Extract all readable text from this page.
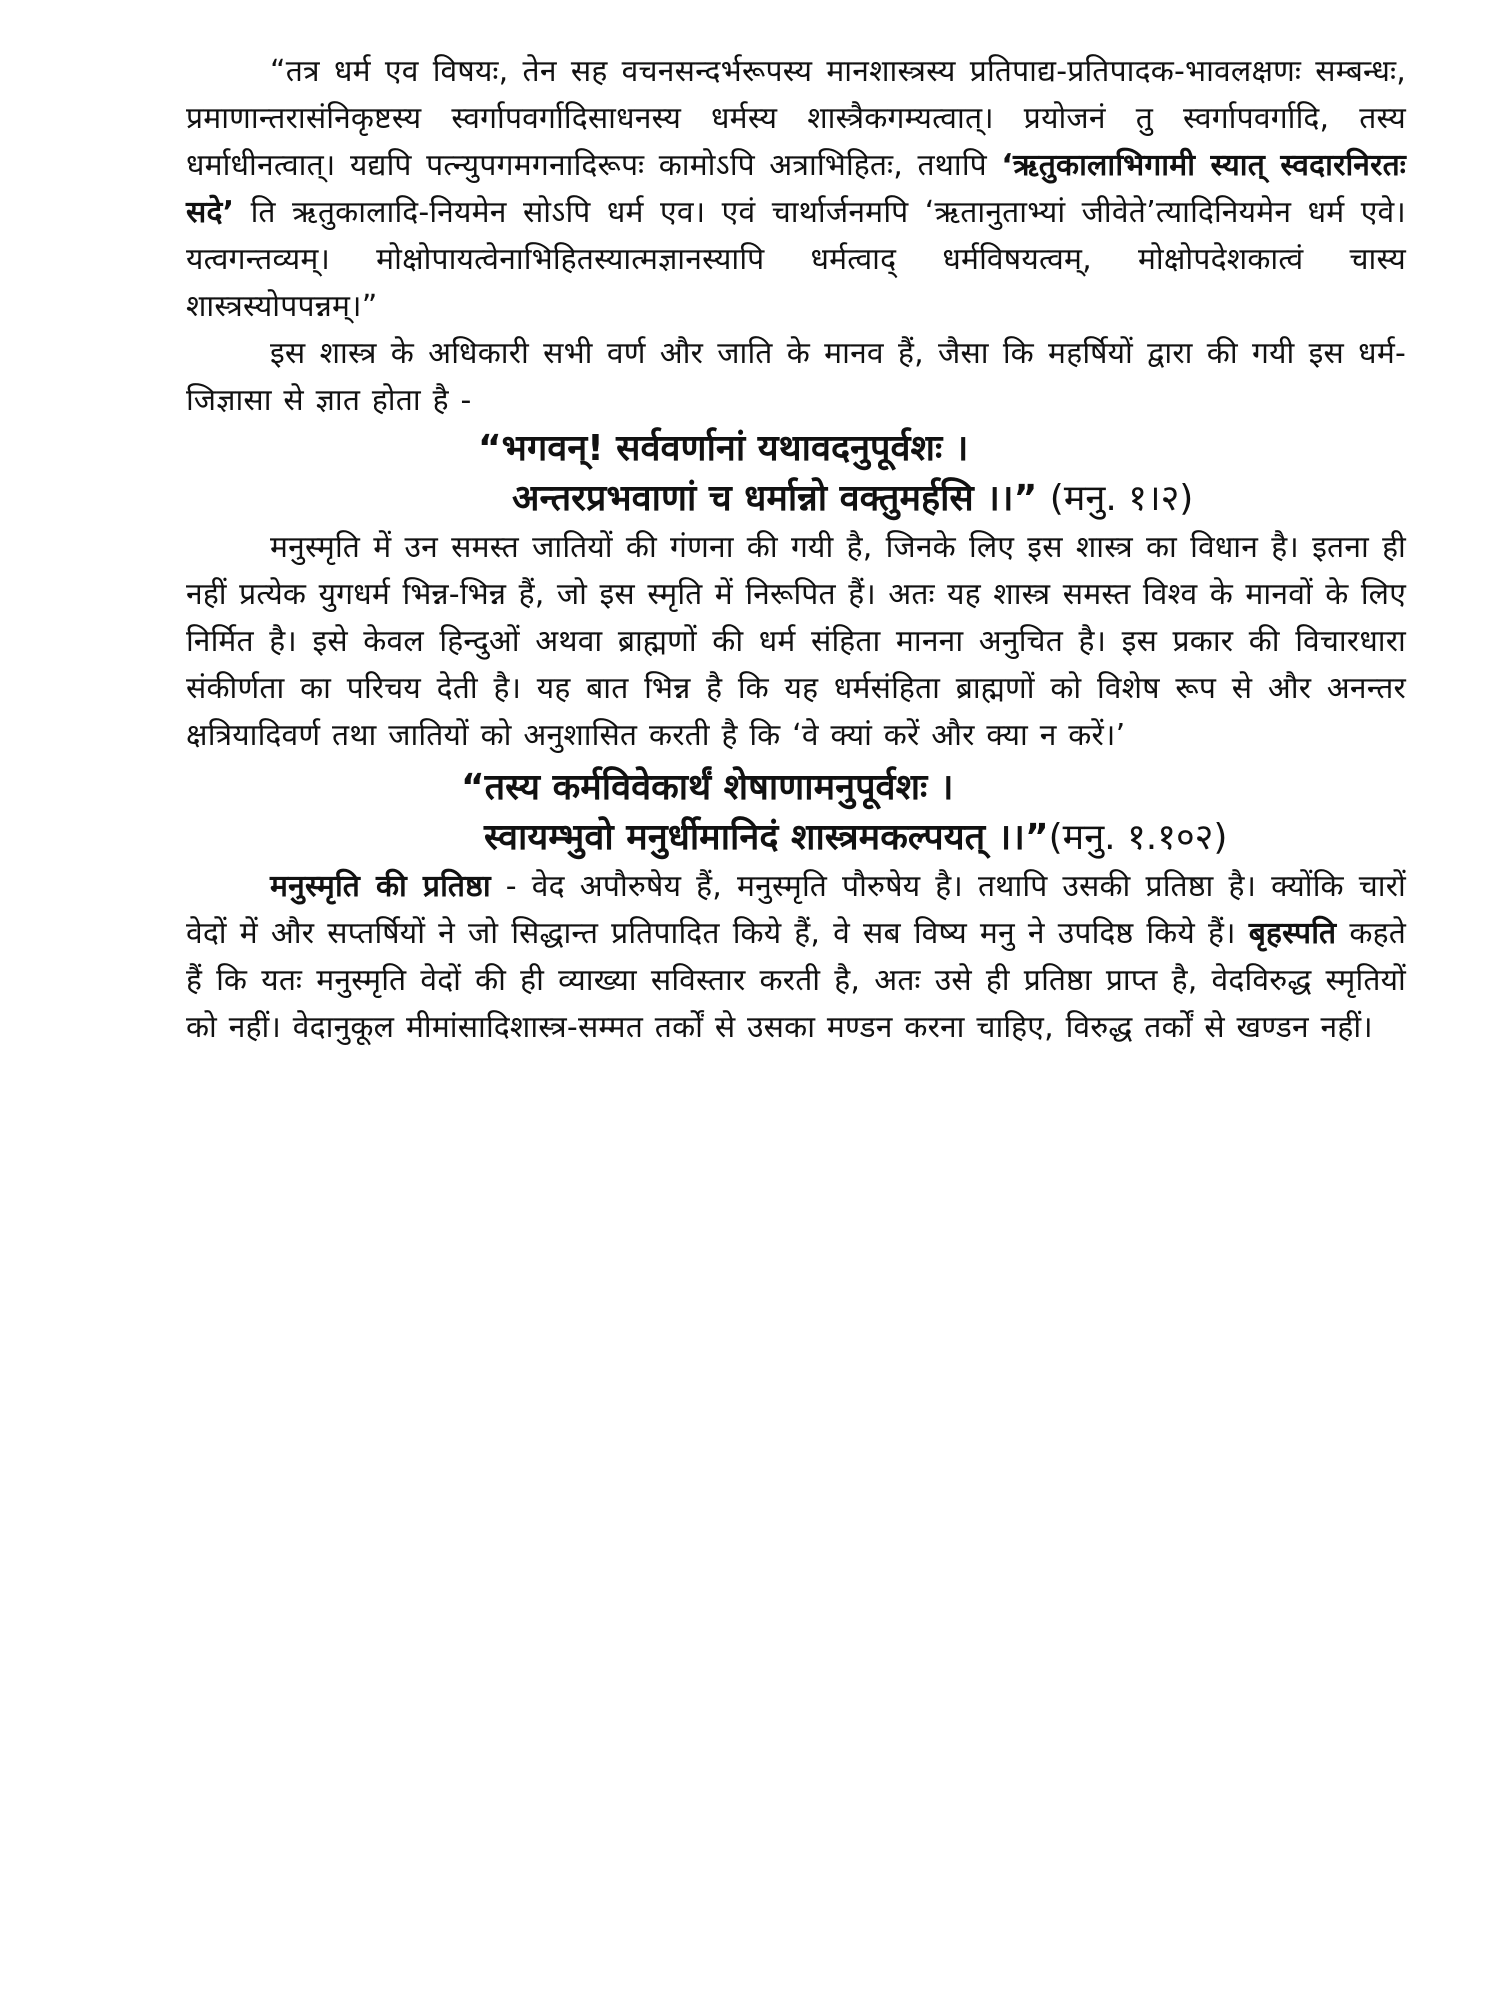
“तत्र धर्म एव विषयः, तेन सह वचनसन्दर्भरूपस्य मानशास्त्रस्य प्रतिपाद्य-प्रतिपादक-भावलक्षणः सम्बन्धः, प्रमाणान्तरासंनिकृष्टस्य स्वर्गापवर्गादिसाधनस्य धर्मस्य शास्त्रैकगम्यत्वात्। प्रयोजनं तु स्वर्गापवर्गादि, तस्य धर्माधीनत्वात्। यद्यपि पत्न्युपगमगनादिरूपः कामोऽपि अत्राभिहितः, तथापि ‘ऋतुकालाभिगामी स्यात् स्वदारनिरतः सदे’ ति ऋतुकालादि-नियमेन सोऽपि धर्म एव। एवं चार्थार्जनमपि ‘ऋतानुताभ्यां जीवेते’त्यादिनियमेन धर्म एवे। यत्वगन्तव्यम्। मोक्षोपायत्वेनाभिहितस्यात्मज्ञानस्यापि धर्मत्वाद् धर्मविषयत्वम्, मोक्षोपदेशकात्वं चास्य शास्त्रस्योपपन्नम्।”

इस शास्त्र के अधिकारी सभी वर्ण और जाति के मानव हैं, जैसा कि महर्षियों द्वारा की गयी इस धर्म-जिज्ञासा से ज्ञात होता है -

“भगवन्! सर्ववर्णानां यथावदनुपूर्वशः ।
अन्तरप्रभवाणां च धर्मान्नो वक्तुमर्हसि ।।” (मनु. १।२)

मनुस्मृति में उन समस्त जातियों की गंणना की गयी है, जिनके लिए इस शास्त्र का विधान है। इतना ही नहीं प्रत्येक युगधर्म भिन्न-भिन्न हैं, जो इस स्मृति में निरूपित हैं। अतः यह शास्त्र समस्त विश्व के मानवों के लिए निर्मित है। इसे केवल हिन्दुओं अथवा ब्राह्मणों की धर्म संहिता मानना अनुचित है। इस प्रकार की विचारधारा संकीर्णता का परिचय देती है। यह बात भिन्न है कि यह धर्मसंहिता ब्राह्मणों को विशेष रूप से और अनन्तर क्षत्रियादिवर्ण तथा जातियों को अनुशासित करती है कि ‘वे क्यां करें और क्या न करें।’

“तस्य कर्मविवेकार्थं शेषाणामनुपूर्वशः ।
स्वायम्भुवो मनुर्धीमानिदं शास्त्रमकल्पयत् ।।”(मनु. १.१०२)

मनुस्मृति की प्रतिष्ठा - वेद अपौरुषेय हैं, मनुस्मृति पौरुषेय है। तथापि उसकी प्रतिष्ठा है। क्योंकि चारों वेदों में और सप्तर्षियों ने जो सिद्धान्त प्रतिपादित किये हैं, वे सब विष्य मनु ने उपदिष्ठ किये हैं। बृहस्पति कहते हैं कि यतः मनुस्मृति वेदों की ही व्याख्या सविस्तार करती है, अतः उसे ही प्रतिष्ठा प्राप्त है, वेदविरुद्ध स्मृतियों को नहीं। वेदानुकूल मीमांसादिशास्त्र-सम्मत तर्कों से उसका मण्डन करना चाहिए, विरुद्ध तर्कों से खण्डन नहीं।
